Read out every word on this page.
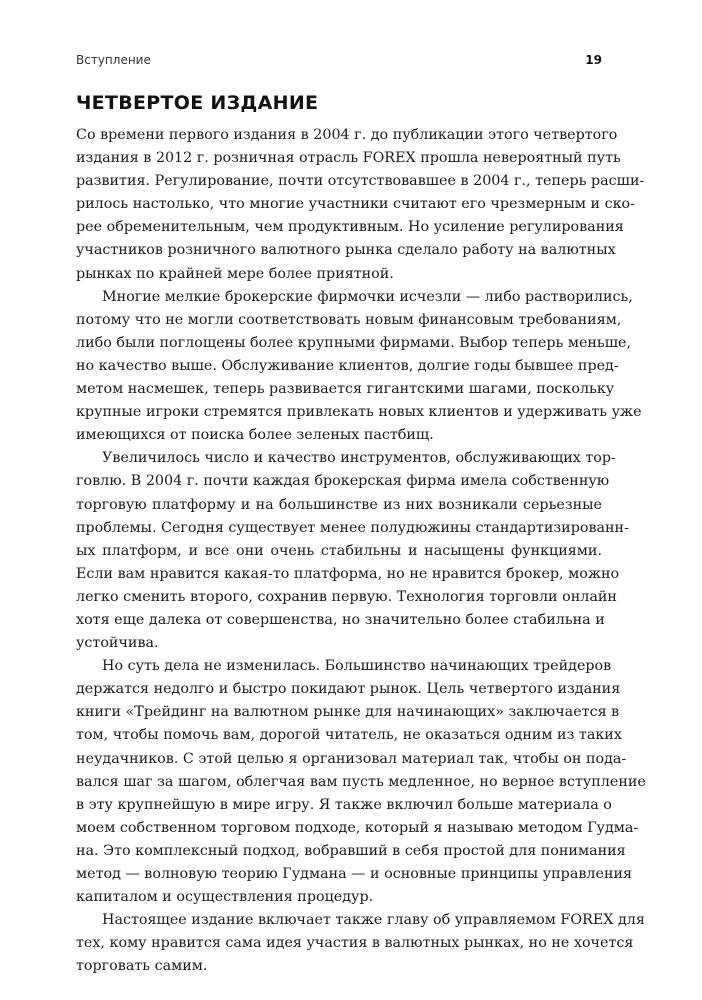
Вступление	19
ЧЕТВЕРТОЕ ИЗДАНИЕ

Со времени первого издания в 2004 г. до публикации этого четвертого
издания в 2012 г. розничная отрасль FOREX прошла невероятный путь
развития. Регулирование, почти отсутствовавшее в 2004 г., теперь расши-
рилось настолько, что многие участники считают его чрезмерным и ско-
рее обременительным, чем продуктивным. Но усиление регулирования
участников розничного валютного рынка сделало работу на валютных
рынках по крайней мере более приятной.

Многие мелкие брокерские фирмочки исчезли — либо растворились,
потому что не могли соответствовать новым финансовым требованиям,
либо были поглощены более крупными фирмами. Выбор теперь меньше,
но качество выше. Обслуживание клиентов, долгие годы бывшее пред-
метом насмешек, теперь развивается гигантскими шагами, поскольку
крупные игроки стремятся привлекать новых клиентов и удерживать уже
имеющихся от поиска более зеленых пастбищ.

Увеличилось число и качество инструментов, обслуживающих тор-
говлю. В 2004 г. почти каждая брокерская фирма имела собственную
торговую платформу и на большинстве из них возникали серьезные
проблемы. Сегодня существует менее полудюжины стандартизированн-
ых платформ, и все они очень стабильны и насыщены функциями.
Если вам нравится какая-то платформа, но не нравится брокер, можно
легко сменить второго, сохранив первую. Технология торговли онлайн
хотя еще далека от совершенства, но значительно более стабильна и
устойчива.

Но суть дела не изменилась. Большинство начинающих трейдеров
держатся недолго и быстро покидают рынок. Цель четвертого издания
книги «Трейдинг на валютном рынке для начинающих» заключается в
том, чтобы помочь вам, дорогой читатель, не оказаться одним из таких
неудачников. С этой целью я организовал материал так, чтобы он пода-
вался шаг за шагом, облегчая вам пусть медленное, но верное вступление
в эту крупнейшую в мире игру. Я также включил больше материала о
моем собственном торговом подходе, который я называю методом Гудма-
на. Это комплексный подход, вобравший в себя простой для понимания
метод — волновую теорию Гудмана — и основные принципы управления
капиталом и осуществления процедур.

Настоящее издание включает также главу об управляемом FOREX для
тех, кому нравится сама идея участия в валютных рынках, но не хочется
торговать самим.
